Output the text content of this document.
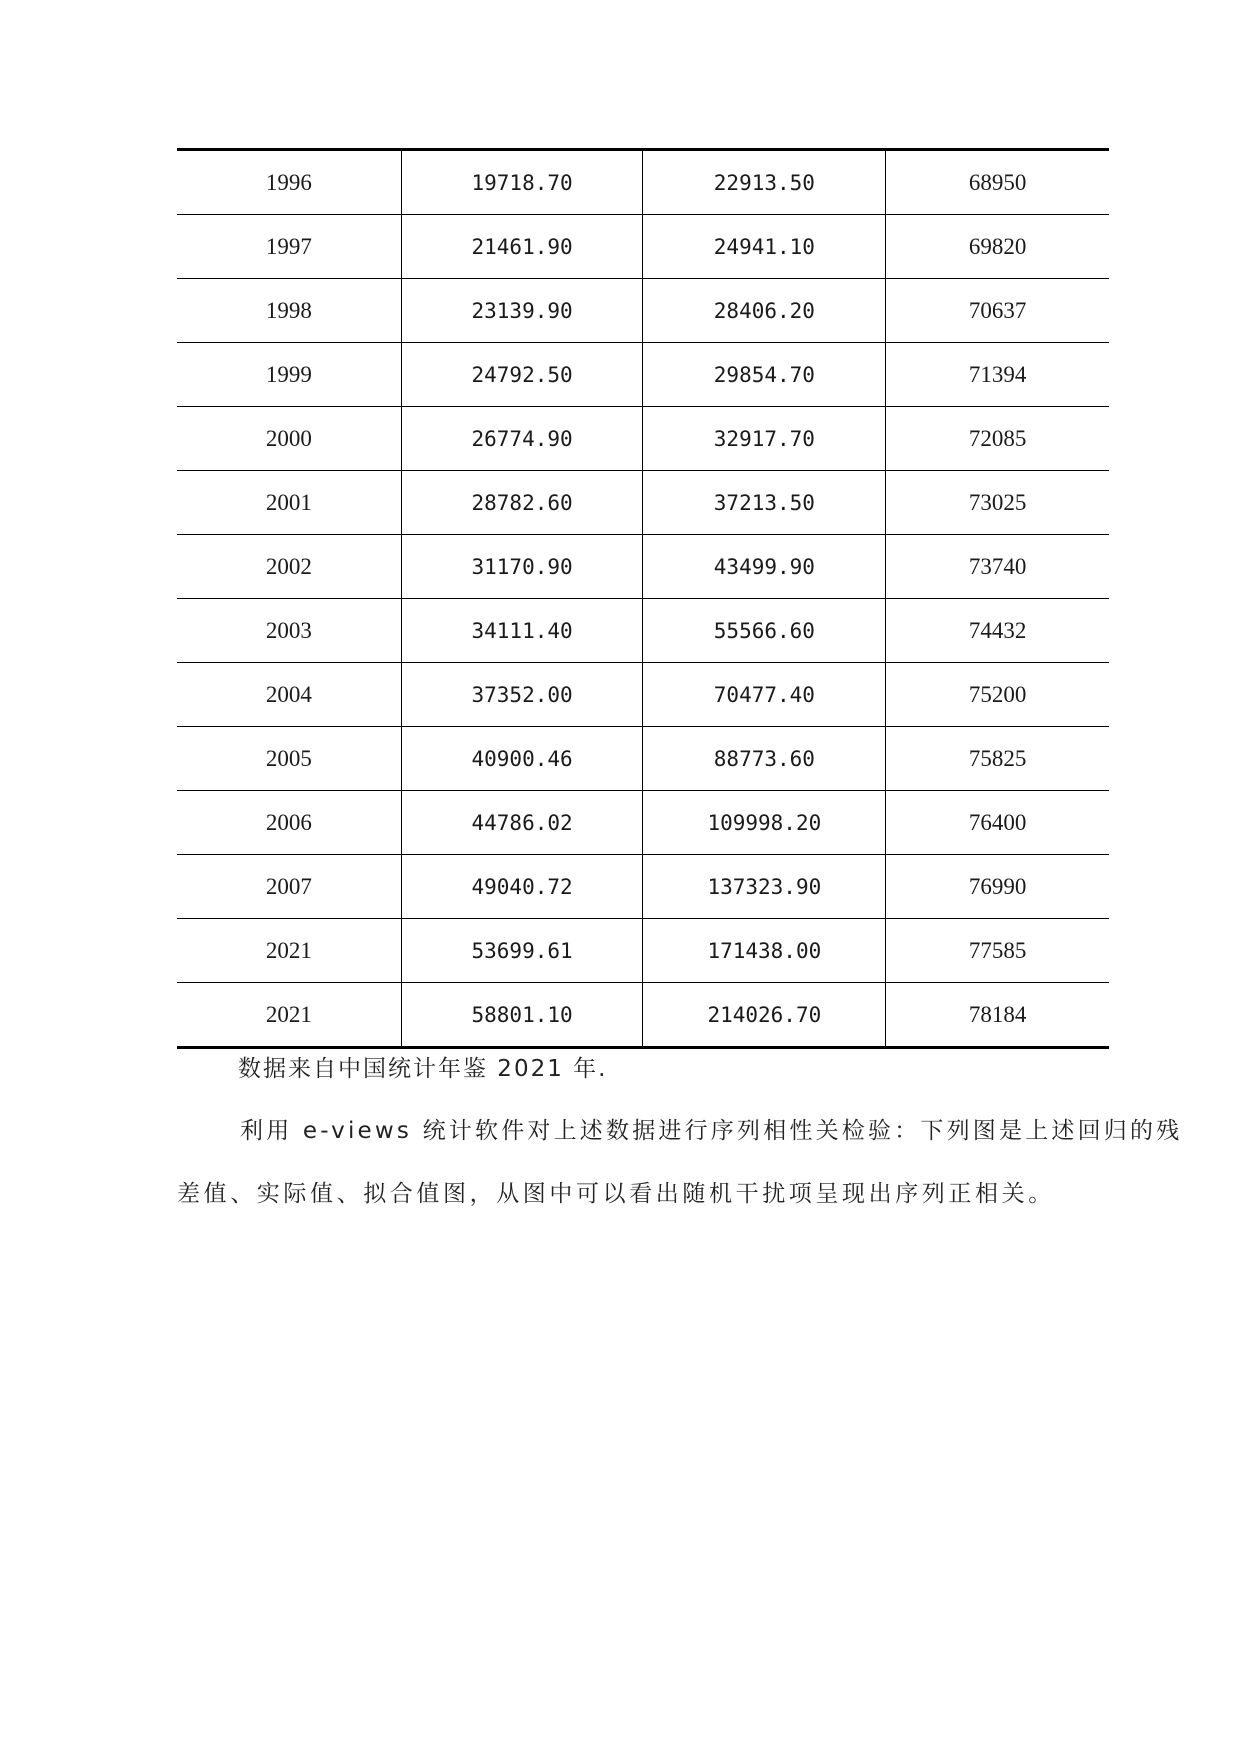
1996	19718.70	22913.50	68950
1997	21461.90	24941.10	69820
1998	23139.90	28406.20	70637
1999	24792.50	29854.70	71394
2000	26774.90	32917.70	72085
2001	28782.60	37213.50	73025
2002	31170.90	43499.90	73740
2003	34111.40	55566.60	74432
2004	37352.00	70477.40	75200
2005	40900.46	88773.60	75825
2006	44786.02	109998.20	76400
2007	49040.72	137323.90	76990
2021	53699.61	171438.00	77585
2021	58801.10	214026.70	78184
数据来自中国统计年鉴 2021 年.
利用 e-views 统计软件对上述数据进行序列相性关检验：下列图是上述回归的残
差值、实际值、拟合值图，从图中可以看出随机干扰项呈现出序列正相关。
